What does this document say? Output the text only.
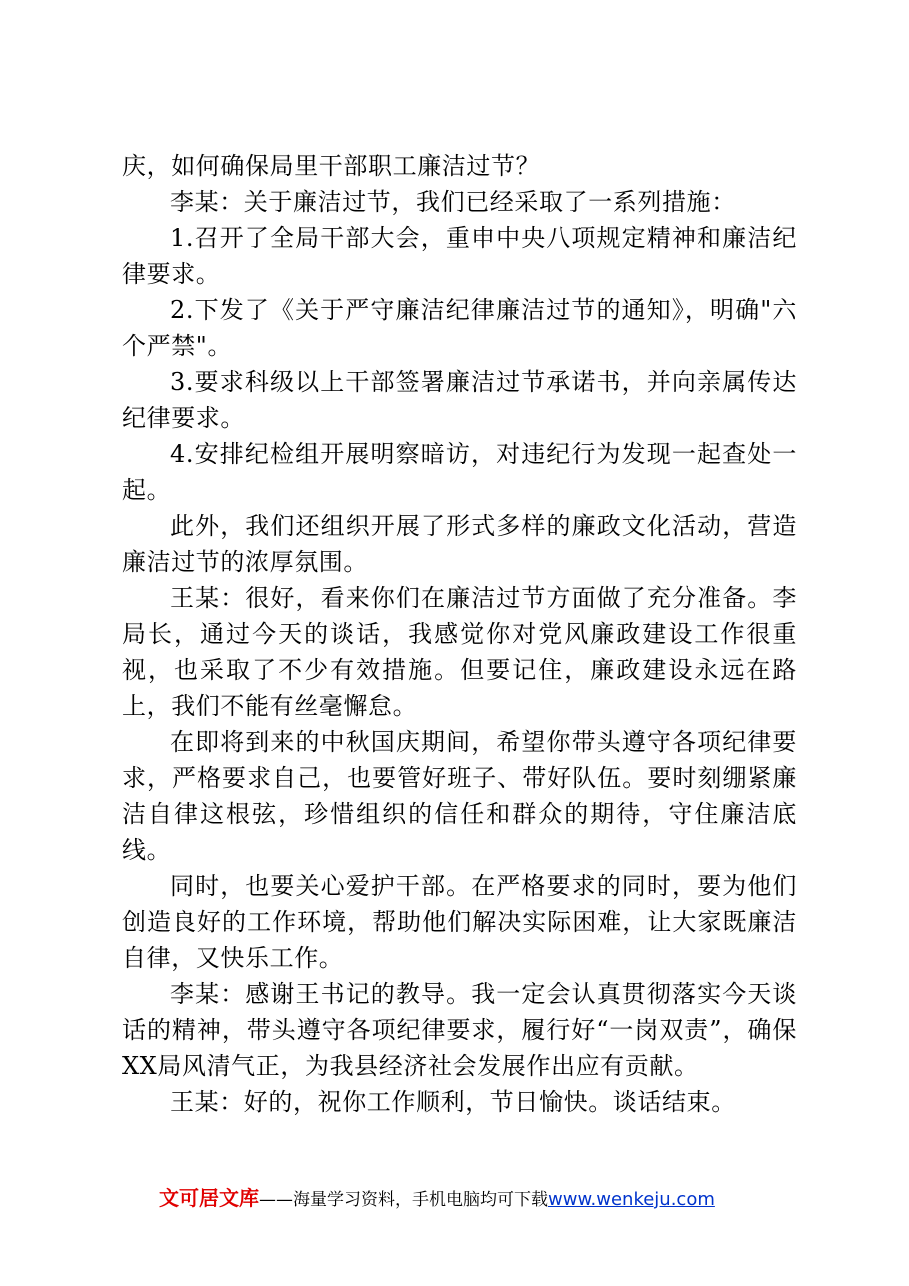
庆，如何确保局里干部职工廉洁过节？

李某：关于廉洁过节，我们已经采取了一系列措施：

1.召开了全局干部大会，重申中央八项规定精神和廉洁纪律要求。

2.下发了《关于严守廉洁纪律廉洁过节的通知》，明确"六个严禁"。

3.要求科级以上干部签署廉洁过节承诺书，并向亲属传达纪律要求。

4.安排纪检组开展明察暗访，对违纪行为发现一起查处一起。

此外，我们还组织开展了形式多样的廉政文化活动，营造廉洁过节的浓厚氛围。

王某：很好，看来你们在廉洁过节方面做了充分准备。李局长，通过今天的谈话，我感觉你对党风廉政建设工作很重视，也采取了不少有效措施。但要记住，廉政建设永远在路上，我们不能有丝毫懈怠。

在即将到来的中秋国庆期间，希望你带头遵守各项纪律要求，严格要求自己，也要管好班子、带好队伍。要时刻绷紧廉洁自律这根弦，珍惜组织的信任和群众的期待，守住廉洁底线。

同时，也要关心爱护干部。在严格要求的同时，要为他们创造良好的工作环境，帮助他们解决实际困难，让大家既廉洁自律，又快乐工作。

李某：感谢王书记的教导。我一定会认真贯彻落实今天谈话的精神，带头遵守各项纪律要求，履行好“一岗双责”，确保XX局风清气正，为我县经济社会发展作出应有贡献。

王某：好的，祝你工作顺利，节日愉快。谈话结束。

文可居文库——海量学习资料，手机电脑均可下载www.wenkeju.com
